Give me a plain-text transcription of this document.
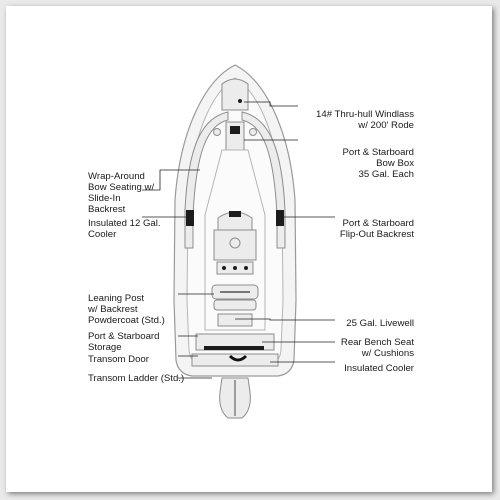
14# Thru-hull Windlass
w/ 200' Rode
Port & Starboard
Bow Box
35 Gal. Each
Wrap-Around
Bow Seating w/
Slide-In
Backrest
Insulated 12 Gal.
Cooler
Port & Starboard
Flip-Out Backrest
Leaning Post
w/ Backrest
Powdercoat (Std.)	25 Gal. Livewell
Port & Starboard
Storage	Rear Bench Seat
w/ Cushions
Transom Door
Insulated Cooler
Transom Ladder (Std.)
